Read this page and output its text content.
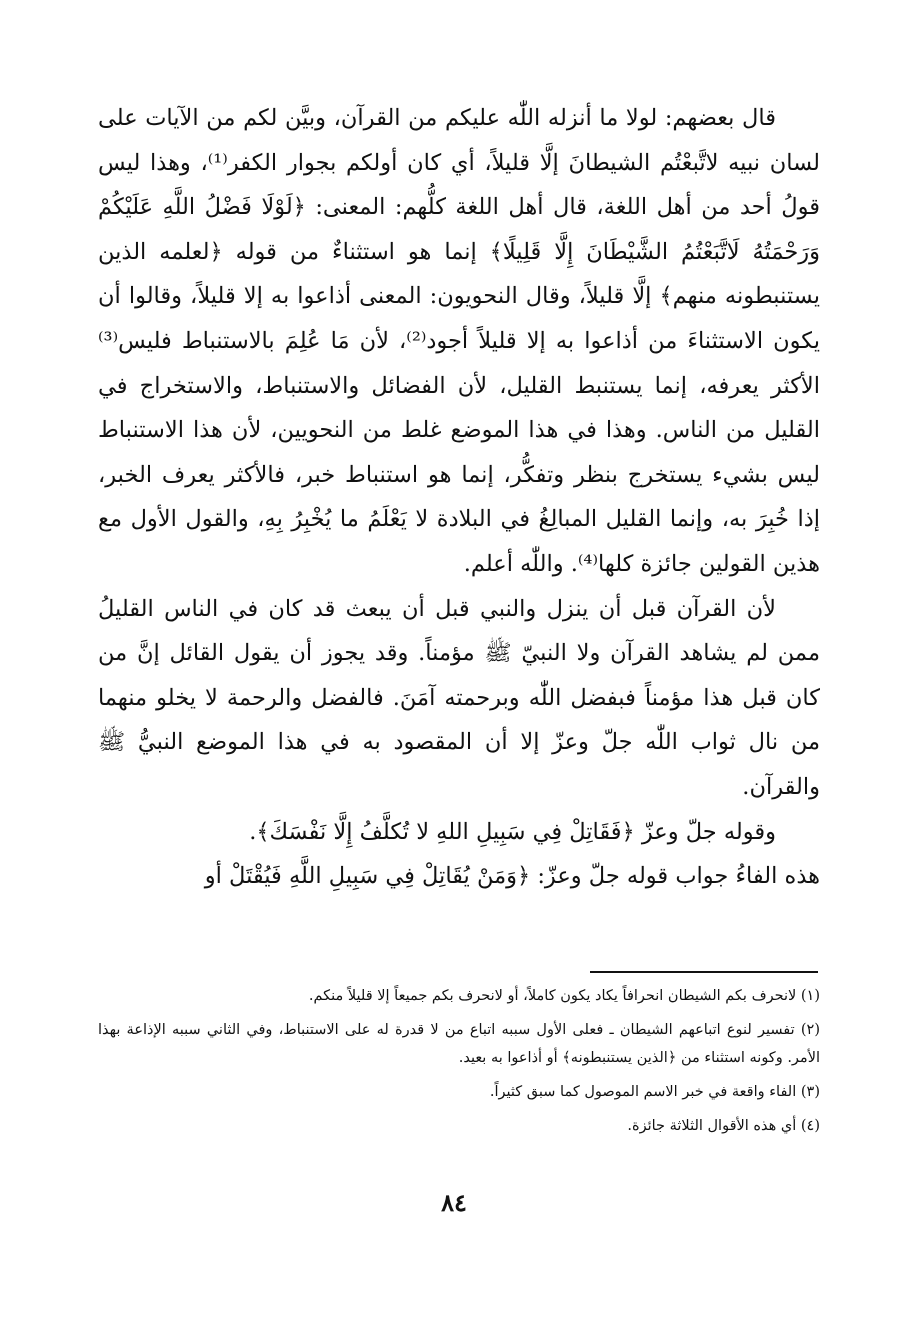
قال بعضهم: لولا ما أنزله اللّٰه عليكم من القرآن، وبيَّن لكم من الآيات على لسان نبيه لاتَّبعْتُم الشيطانَ إلَّا قليلاً، أي كان أولكم بجوار الكفر⁽¹⁾، وهذا ليس قولُ أحد من أهل اللغة، قال أهل اللغة كلُّهم: المعنى: ﴿لَوْلَا فَضْلُ اللَّهِ عَلَيْكُمْ وَرَحْمَتُهُ لَاتَّبَعْتُمُ الشَّيْطَانَ إِلَّا قَلِيلًا﴾ إنما هو استثناءٌ من قوله ﴿لعلمه الذين يستنبطونه منهم﴾ إلَّا قليلاً، وقال النحويون: المعنى أذاعوا به إلا قليلاً، وقالوا أن يكون الاستثناءَ من أذاعوا به إلا قليلاً أجود⁽²⁾، لأن مَا عُلِمَ بالاستنباط فليس⁽³⁾ الأكثر يعرفه، إنما يستنبط القليل، لأن الفضائل والاستنباط، والاستخراج في القليل من الناس. وهذا في هذا الموضع غلط من النحويين، لأن هذا الاستنباط ليس بشيء يستخرج بنظر وتفكُّر، إنما هو استنباط خبر، فالأكثر يعرف الخبر، إذا خُبِرَ به، وإنما القليل المبالِغُ في البلادة لا يَعْلَمُ ما يُخْبِرُ بِهِ، والقول الأول مع هذين القولين جائزة كلها⁽⁴⁾. واللّٰه أعلم.

لأن القرآن قبل أن ينزل والنبي قبل أن يبعث قد كان في الناس القليلُ ممن لم يشاهد القرآن ولا النبيّ ﷺ مؤمناً. وقد يجوز أن يقول القائل إنَّ من كان قبل هذا مؤمناً فبفضل اللّٰه وبرحمته آمَنَ. فالفضل والرحمة لا يخلو منهما من نال ثواب اللّٰه جلّ وعزّ إلا أن المقصود به في هذا الموضع النبيُّ ﷺ والقرآن.

وقوله جلّ وعزّ ﴿فَقَاتِلْ فِي سَبِيلِ اللهِ لا تُكلَّفُ إِلَّا نَفْسَكَ﴾.

هذه الفاءُ جواب قوله جلّ وعزّ: ﴿وَمَنْ يُقَاتِلْ فِي سَبِيلِ اللَّهِ فَيُقْتَلْ أو

(١) لانحرف بكم الشيطان انحرافاً يكاد يكون كاملاً، أو لانحرف بكم جميعاً إلا قليلاً منكم.

(٢) تفسير لنوع اتباعهم الشيطان ـ فعلى الأول سببه اتباع من لا قدرة له على الاستنباط، وفي الثاني سببه الإذاعة بهذا الأمر. وكونه استثناء من ﴿الذين يستنبطونه﴾ أو أذاعوا به بعيد.

(٣) الفاء واقعة في خبر الاسم الموصول كما سبق كثيراً.

(٤) أي هذه الأقوال الثلاثة جائزة.

٨٤
